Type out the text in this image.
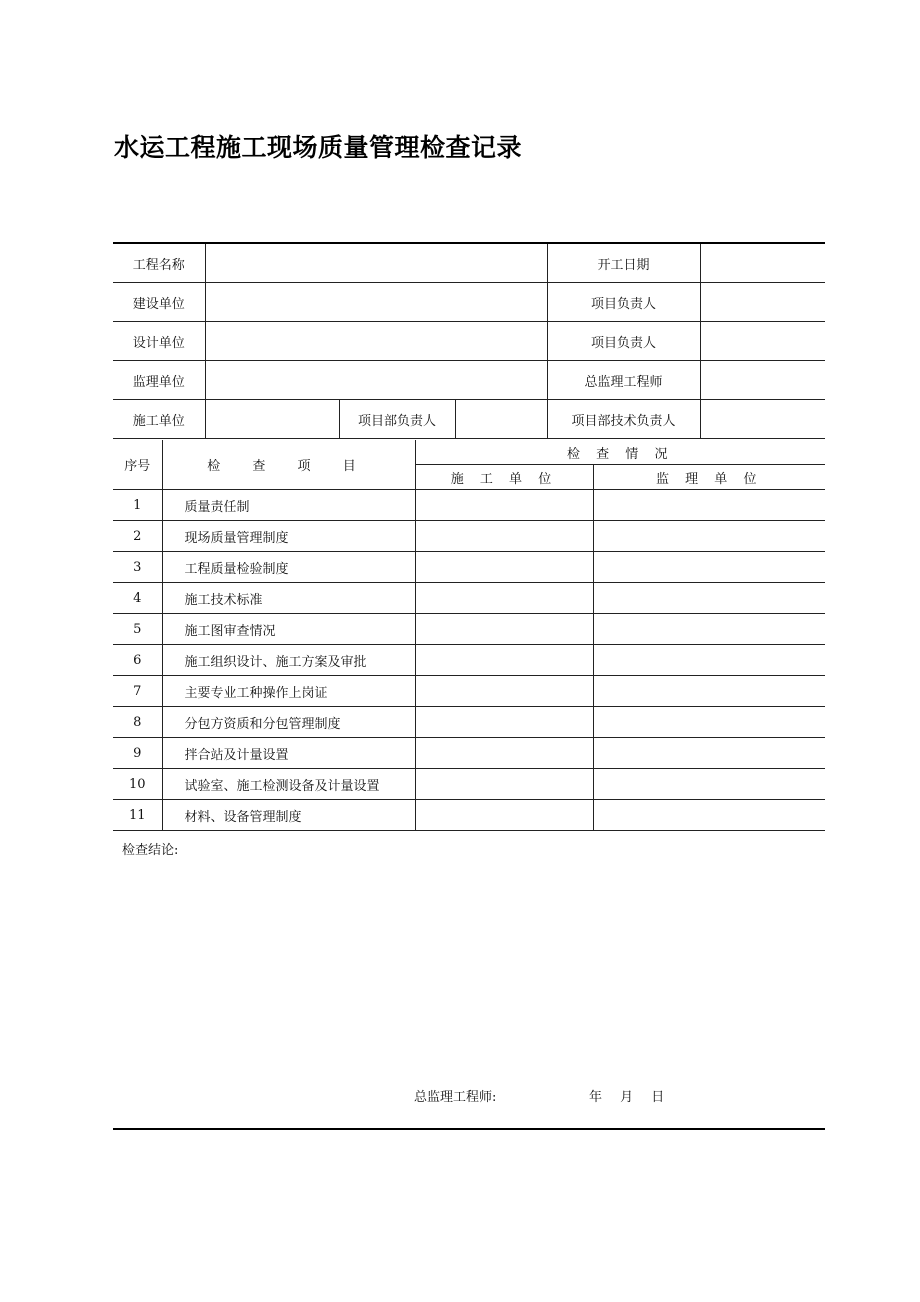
水运工程施工现场质量管理检查记录
工程名称				开工日期	
建设单位				项目负责人	
设计单位				项目负责人	
监理单位				总监理工程师	
施工单位		项目部负责人		项目部技术负责人	
序号	检 查 项 目	检 查 情 况	
		施 工 单 位	监 理 单 位
1	质量责任制		
2	现场质量管理制度		
3	工程质量检验制度		
4	施工技术标准		
5	施工图审查情况		
6	施工组织设计、施工方案及审批		
7	主要专业工种操作上岗证		
8	分包方资质和分包管理制度		
9	拌合站及计量设置		
10	试验室、施工检测设备及计量设置		
11	材料、设备管理制度		
检查结论:
总监理工程师:	年 月 日
